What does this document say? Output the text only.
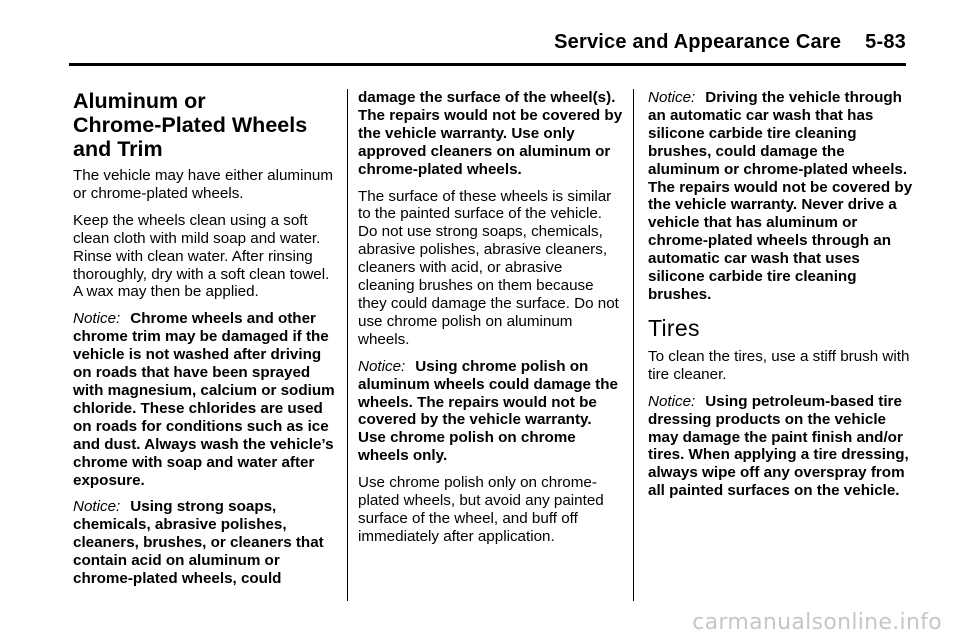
Service and Appearance Care 5-83
Aluminum or
Chrome-Plated Wheels
and Trim

The vehicle may have either aluminum or chrome-plated wheels.

Keep the wheels clean using a soft clean cloth with mild soap and water. Rinse with clean water. After rinsing thoroughly, dry with a soft clean towel. A wax may then be applied.

Notice: Chrome wheels and other chrome trim may be damaged if the vehicle is not washed after driving on roads that have been sprayed with magnesium, calcium or sodium chloride. These chlorides are used on roads for conditions such as ice and dust. Always wash the vehicle’s chrome with soap and water after exposure.

Notice: Using strong soaps, chemicals, abrasive polishes, cleaners, brushes, or cleaners that contain acid on aluminum or chrome-plated wheels, could

damage the surface of the wheel(s). The repairs would not be covered by the vehicle warranty. Use only approved cleaners on aluminum or chrome-plated wheels.

The surface of these wheels is similar to the painted surface of the vehicle. Do not use strong soaps, chemicals, abrasive polishes, abrasive cleaners, cleaners with acid, or abrasive cleaning brushes on them because they could damage the surface. Do not use chrome polish on aluminum wheels.

Notice: Using chrome polish on aluminum wheels could damage the wheels. The repairs would not be covered by the vehicle warranty. Use chrome polish on chrome wheels only.

Use chrome polish only on chrome-plated wheels, but avoid any painted surface of the wheel, and buff off immediately after application.

Notice: Driving the vehicle through an automatic car wash that has silicone carbide tire cleaning brushes, could damage the aluminum or chrome-plated wheels. The repairs would not be covered by the vehicle warranty. Never drive a vehicle that has aluminum or chrome-plated wheels through an automatic car wash that uses silicone carbide tire cleaning brushes.

Tires

To clean the tires, use a stiff brush with tire cleaner.

Notice: Using petroleum-based tire dressing products on the vehicle may damage the paint finish and/or tires. When applying a tire dressing, always wipe off any overspray from all painted surfaces on the vehicle.

carmanualsonline.info
